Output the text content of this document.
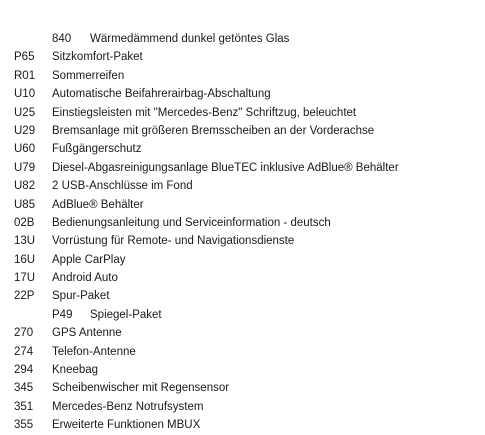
840	Wärmedämmend dunkel getöntes Glas
P65	Sitzkomfort-Paket
R01	Sommerreifen
U10	Automatische Beifahrerairbag-Abschaltung
U25	Einstiegsleisten mit "Mercedes-Benz" Schriftzug, beleuchtet
U29	Bremsanlage mit größeren Bremsscheiben an der Vorderachse
U60	Fußgängerschutz
U79	Diesel-Abgasreinigungsanlage BlueTEC inklusive AdBlue® Behälter
U82	2 USB-Anschlüsse im Fond
U85	AdBlue® Behälter
02B	Bedienungsanleitung und Serviceinformation - deutsch
13U	Vorrüstung für Remote- und Navigationsdienste
16U	Apple CarPlay
17U	Android Auto
22P	Spur-Paket
P49	Spiegel-Paket
270	GPS Antenne
274	Telefon-Antenne
294	Kneebag
345	Scheibenwischer mit Regensensor
351	Mercedes-Benz Notrufsystem
355	Erweiterte Funktionen MBUX
